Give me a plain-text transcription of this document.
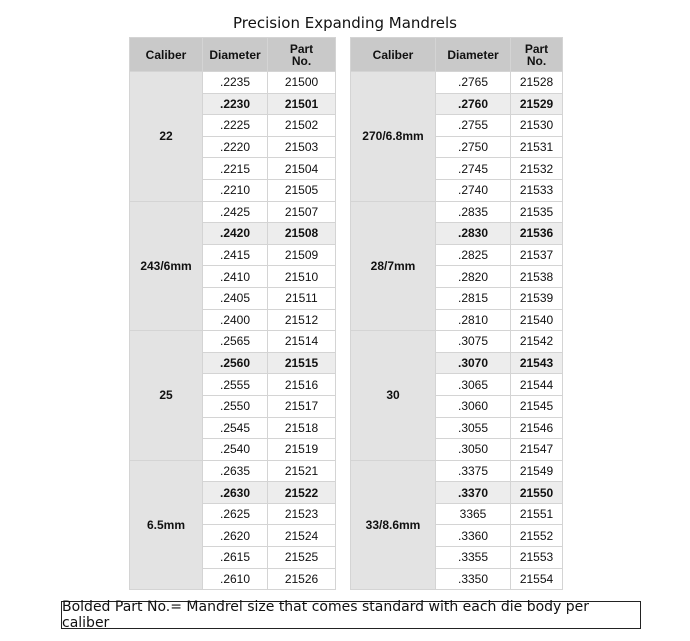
Precision Expanding Mandrels
Caliber	Diameter	Part
No.
22	.2235	21500
	.2230	21501
	.2225	21502
	.2220	21503
	.2215	21504
	.2210	21505
243/6mm	.2425	21507
	.2420	21508
	.2415	21509
	.2410	21510
	.2405	21511
	.2400	21512
25	.2565	21514
	.2560	21515
	.2555	21516
	.2550	21517
	.2545	21518
	.2540	21519
6.5mm	.2635	21521
	.2630	21522
	.2625	21523
	.2620	21524
	.2615	21525
	.2610	21526
Caliber	Diameter	Part
No.
270/6.8mm	.2765	21528
	.2760	21529
	.2755	21530
	.2750	21531
	.2745	21532
	.2740	21533
28/7mm	.2835	21535
	.2830	21536
	.2825	21537
	.2820	21538
	.2815	21539
	.2810	21540
30	.3075	21542
	.3070	21543
	.3065	21544
	.3060	21545
	.3055	21546
	.3050	21547
33/8.6mm	.3375	21549
	.3370	21550
	3365	21551
	.3360	21552
	.3355	21553
	.3350	21554
Bolded Part No.= Mandrel size that comes standard with each die body per caliber
